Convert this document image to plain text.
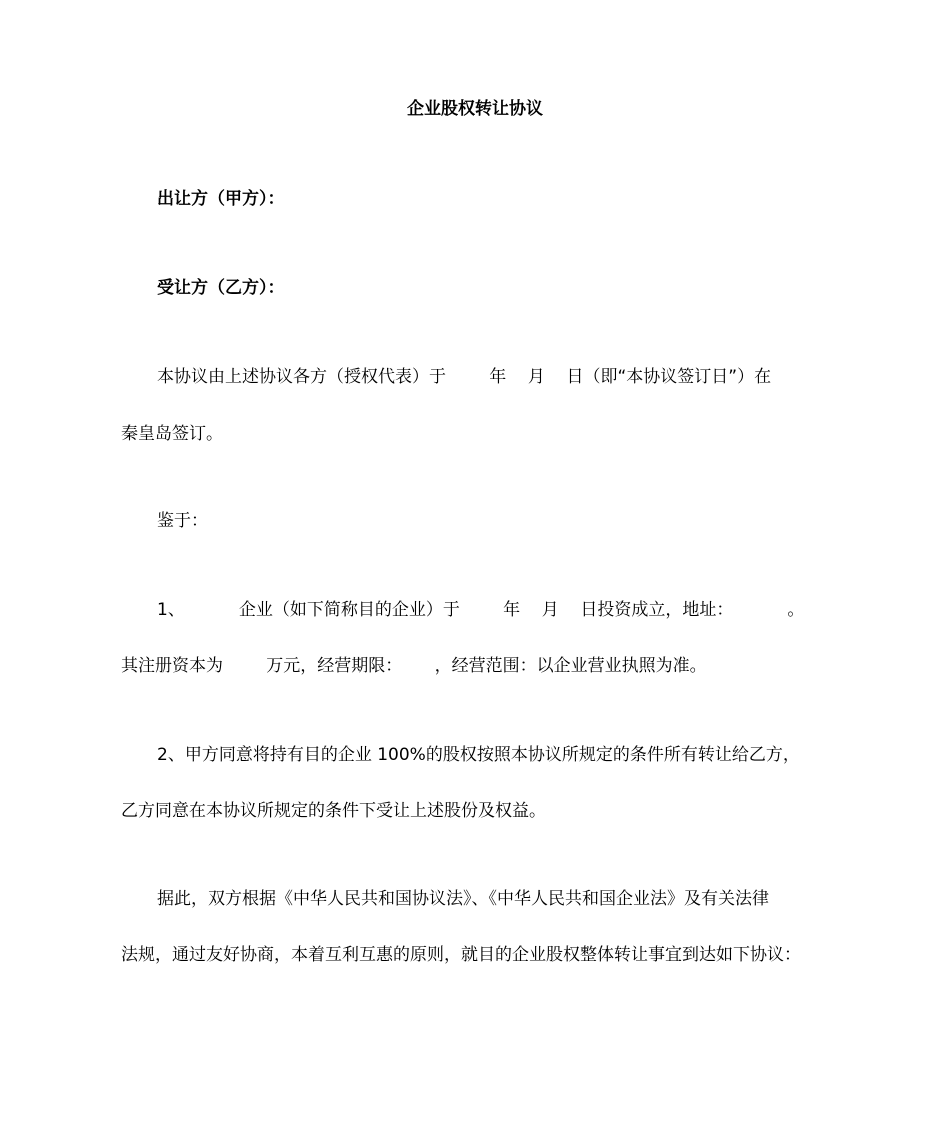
企业股权转让协议
出让方（甲方）：
受让方（乙方）：
本协议由上述协议各方（授权代表）于        年    月    日（即“本协议签订日”）在
秦皇岛签订。
鉴于：
1、          企业（如下简称目的企业）于        年    月    日投资成立，地址：          。
其注册资本为        万元，经营期限：      ，经营范围：以企业营业执照为准。
2、甲方同意将持有目的企业 100%的股权按照本协议所规定的条件所有转让给乙方，
乙方同意在本协议所规定的条件下受让上述股份及权益。
据此，双方根据《中华人民共和国协议法》、《中华人民共和国企业法》及有关法律
法规，通过友好协商，本着互利互惠的原则，就目的企业股权整体转让事宜到达如下协议：
